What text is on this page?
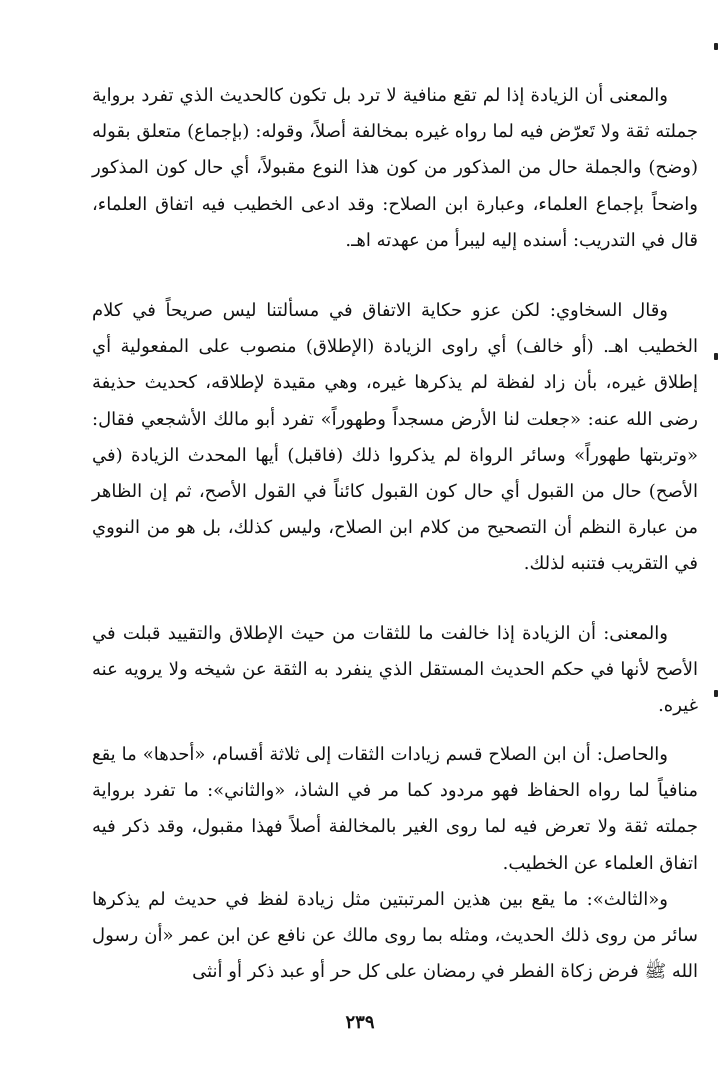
والمعنى أن الزيادة إذا لم تقع منافية لا ترد بل تكون كالحديث الذي تفرد برواية جملته ثقة ولا تَعرّض فيه لما رواه غيره بمخالفة أصلاً، وقوله: (بإجماع) متعلق بقوله (وضح) والجملة حال من المذكور من كون هذا النوع مقبولاً، أي حال كون المذكور واضحاً بإجماع العلماء، وعبارة ابن الصلاح: وقد ادعى الخطيب فيه اتفاق العلماء، قال في التدريب: أسنده إليه ليبرأ من عهدته اهـ.

وقال السخاوي: لكن عزو حكاية الاتفاق في مسألتنا ليس صريحاً في كلام الخطيب اهـ. (أو خالف) أي راوى الزيادة (الإطلاق) منصوب على المفعولية أي إطلاق غيره، بأن زاد لفظة لم يذكرها غيره، وهي مقيدة لإطلاقه، كحديث حذيفة رضى الله عنه: «جعلت لنا الأرض مسجداً وطهوراً» تفرد أبو مالك الأشجعي فقال: «وتربتها طهوراً» وسائر الرواة لم يذكروا ذلك (فاقبل) أيها المحدث الزيادة (في الأصح) حال من القبول أي حال كون القبول كائناً في القول الأصح، ثم إن الظاهر من عبارة النظم أن التصحيح من كلام ابن الصلاح، وليس كذلك، بل هو من النووي في التقريب فتنبه لذلك.

والمعنى: أن الزيادة إذا خالفت ما للثقات من حيث الإطلاق والتقييد قبلت في الأصح لأنها في حكم الحديث المستقل الذي ينفرد به الثقة عن شيخه ولا يرويه عنه غيره.

والحاصل: أن ابن الصلاح قسم زيادات الثقات إلى ثلاثة أقسام، «أحدها» ما يقع منافياً لما رواه الحفاظ فهو مردود كما مر في الشاذ، «والثاني»: ما تفرد برواية جملته ثقة ولا تعرض فيه لما روى الغير بالمخالفة أصلاً فهذا مقبول، وقد ذكر فيه اتفاق العلماء عن الخطيب.

و«الثالث»: ما يقع بين هذين المرتبتين مثل زيادة لفظ في حديث لم يذكرها سائر من روى ذلك الحديث، ومثله بما روى مالك عن نافع عن ابن عمر «أن رسول الله ﷺ فرض زكاة الفطر في رمضان على كل حر أو عبد ذكر أو أنثى

٢٣٩
